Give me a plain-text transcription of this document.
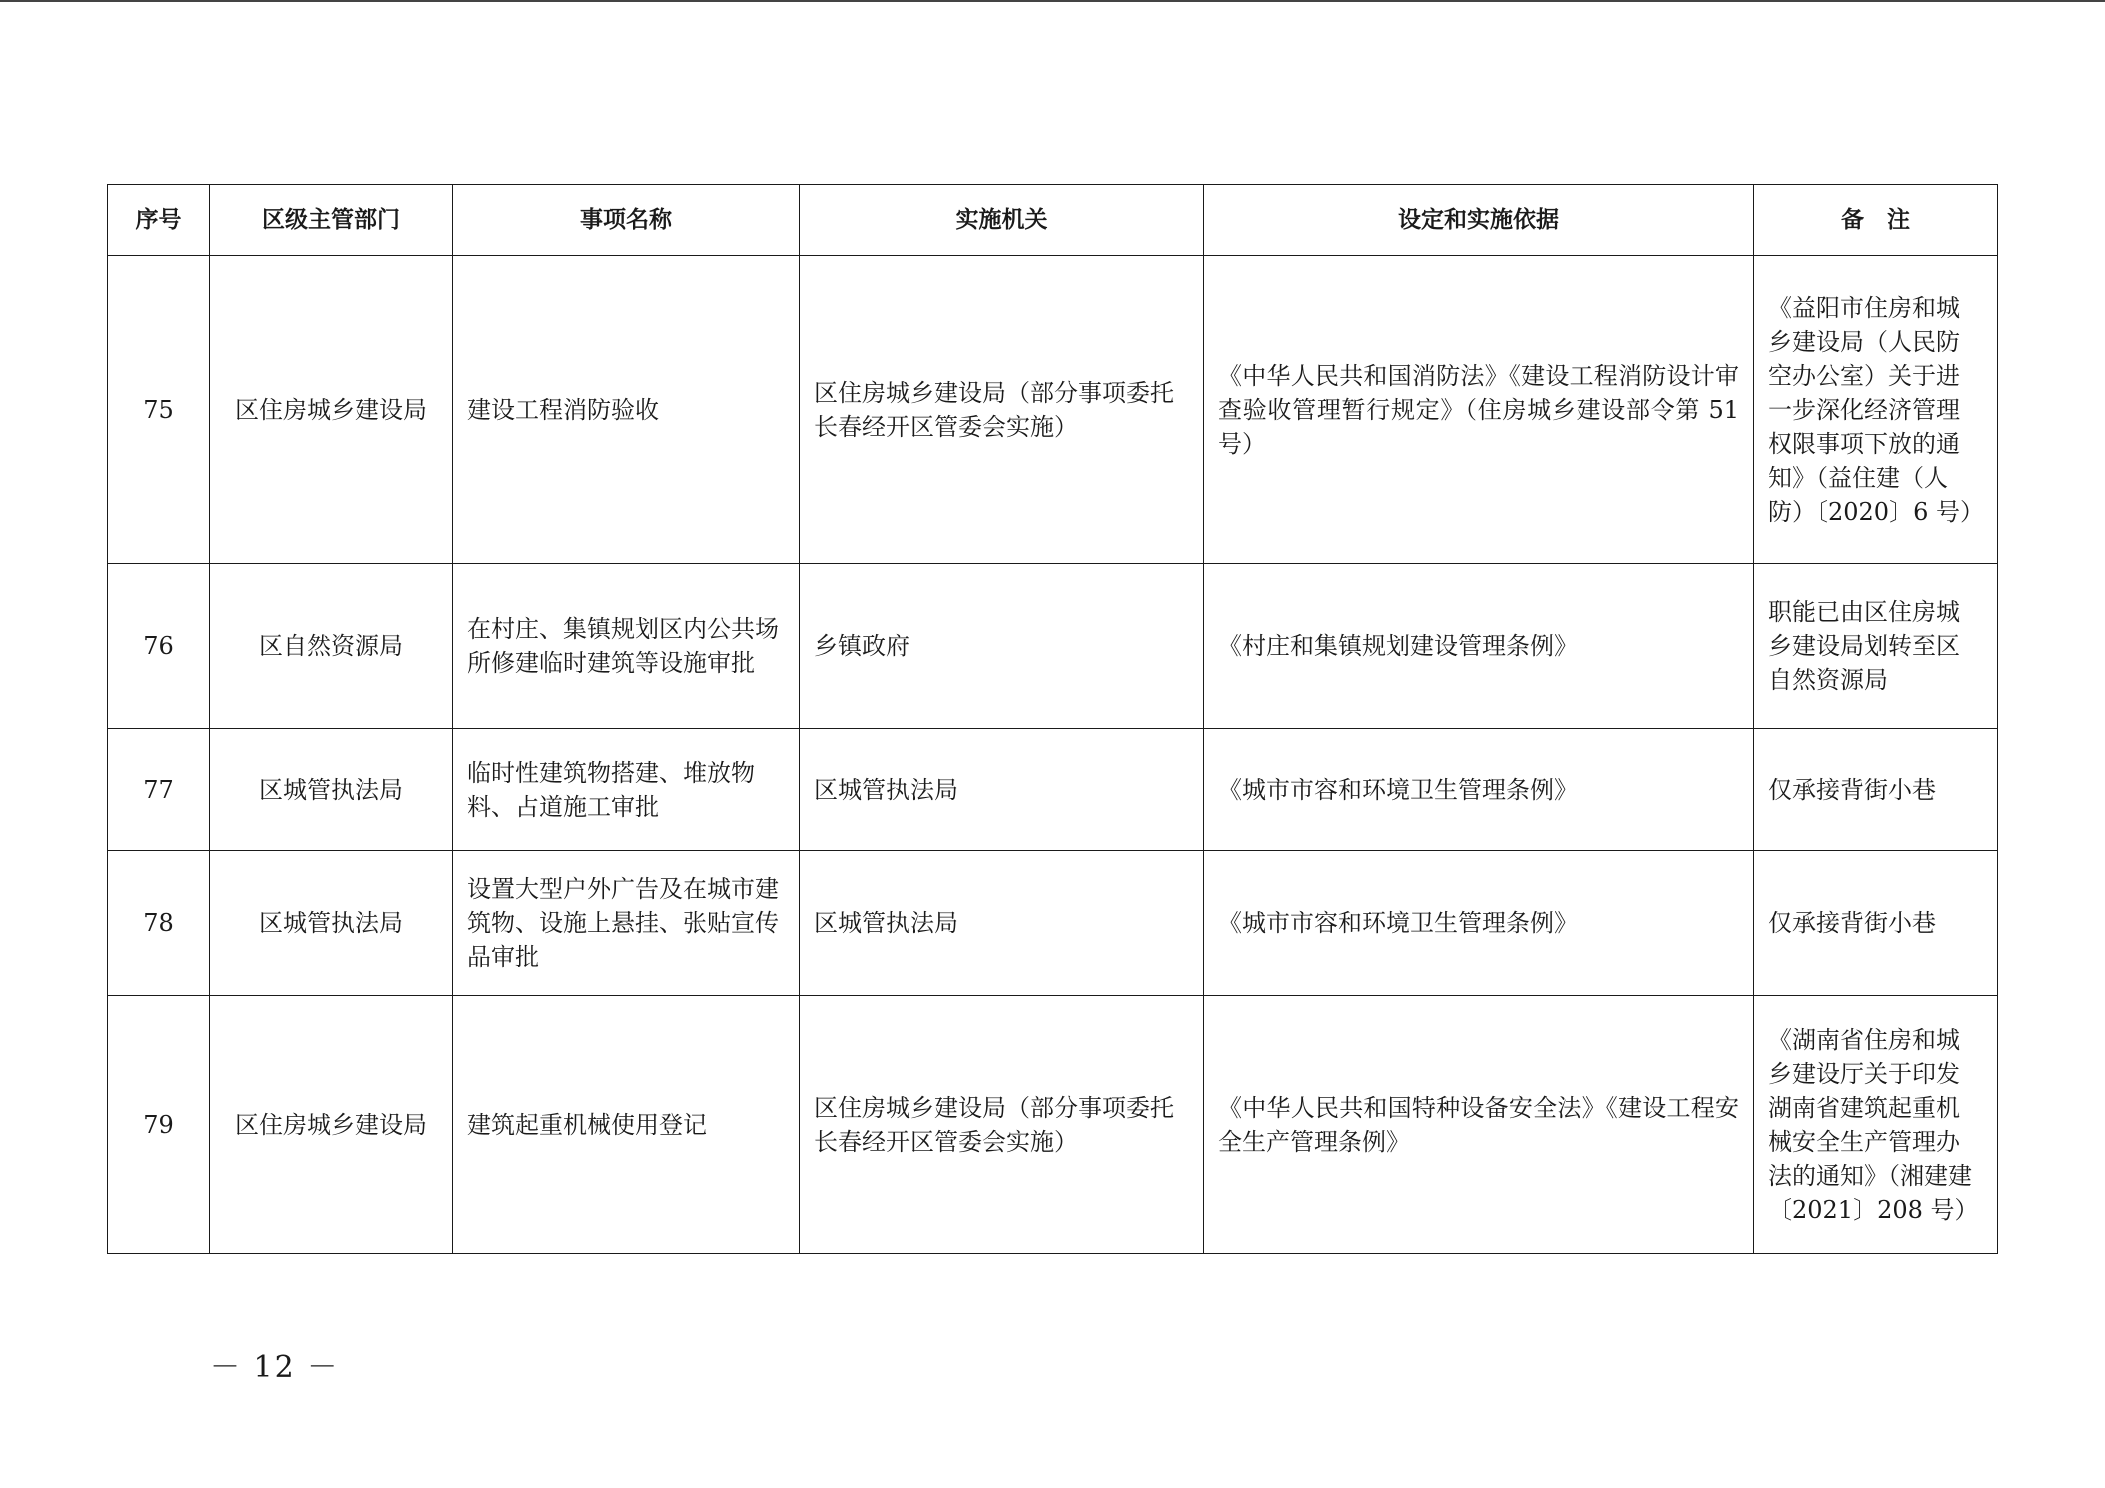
序号	区级主管部门	事项名称	实施机关	设定和实施依据	备　注
75	区住房城乡建设局	建设工程消防验收	区住房城乡建设局（部分事项委托长春经开区管委会实施）	《中华人民共和国消防法》《建设工程消防设计审查验收管理暂行规定》（住房城乡建设部令第 51 号）	《益阳市住房和城乡建设局（人民防空办公室）关于进一步深化经济管理权限事项下放的通知》（益住建（人防）〔2020〕6 号）
76	区自然资源局	在村庄、集镇规划区内公共场所修建临时建筑等设施审批	乡镇政府	《村庄和集镇规划建设管理条例》	职能已由区住房城乡建设局划转至区自然资源局
77	区城管执法局	临时性建筑物搭建、堆放物料、占道施工审批	区城管执法局	《城市市容和环境卫生管理条例》	仅承接背街小巷
78	区城管执法局	设置大型户外广告及在城市建筑物、设施上悬挂、张贴宣传品审批	区城管执法局	《城市市容和环境卫生管理条例》	仅承接背街小巷
79	区住房城乡建设局	建筑起重机械使用登记	区住房城乡建设局（部分事项委托长春经开区管委会实施）	《中华人民共和国特种设备安全法》《建设工程安全生产管理条例》	《湖南省住房和城乡建设厅关于印发湖南省建筑起重机械安全生产管理办法的通知》（湘建建〔2021〕208 号）
－ 12 －
